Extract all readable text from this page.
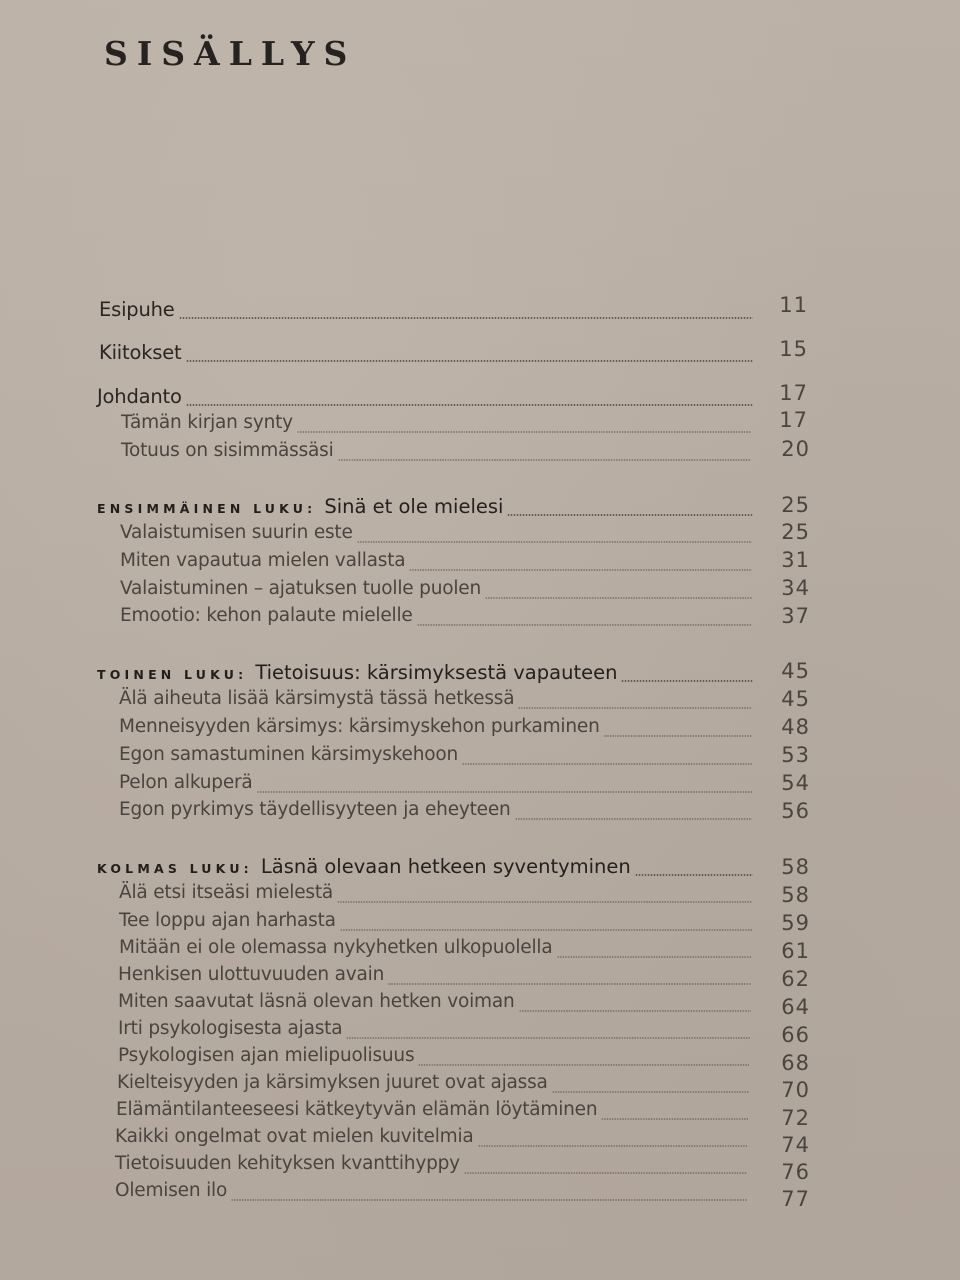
SISÄLLYS
Esipuhe	11
Kiitokset	15
Johdanto	17
Tämän kirjan synty	17
Totuus on sisimmässäsi	20
ENSIMMÄINEN LUKU: Sinä et ole mielesi	25
Valaistumisen suurin este	25
Miten vapautua mielen vallasta	31
Valaistuminen – ajatuksen tuolle puolen	34
Emootio: kehon palaute mielelle	37
TOINEN LUKU: Tietoisuus: kärsimyksestä vapauteen	45
Älä aiheuta lisää kärsimystä tässä hetkessä	45
Menneisyyden kärsimys: kärsimyskehon purkaminen	48
Egon samastuminen kärsimyskehoon	53
Pelon alkuperä	54
Egon pyrkimys täydellisyyteen ja eheyteen	56
KOLMAS LUKU: Läsnä olevaan hetkeen syventyminen	58
Älä etsi itseäsi mielestä	58
Tee loppu ajan harhasta	59
Mitään ei ole olemassa nykyhetken ulkopuolella	61
Henkisen ulottuvuuden avain	62
Miten saavutat läsnä olevan hetken voiman	64
Irti psykologisesta ajasta	66
Psykologisen ajan mielipuolisuus	68
Kielteisyyden ja kärsimyksen juuret ovat ajassa	70
Elämäntilanteeseesi kätkeytyvän elämän löytäminen	72
Kaikki ongelmat ovat mielen kuvitelmia	74
Tietoisuuden kehityksen kvanttihyppy	76
Olemisen ilo	77
